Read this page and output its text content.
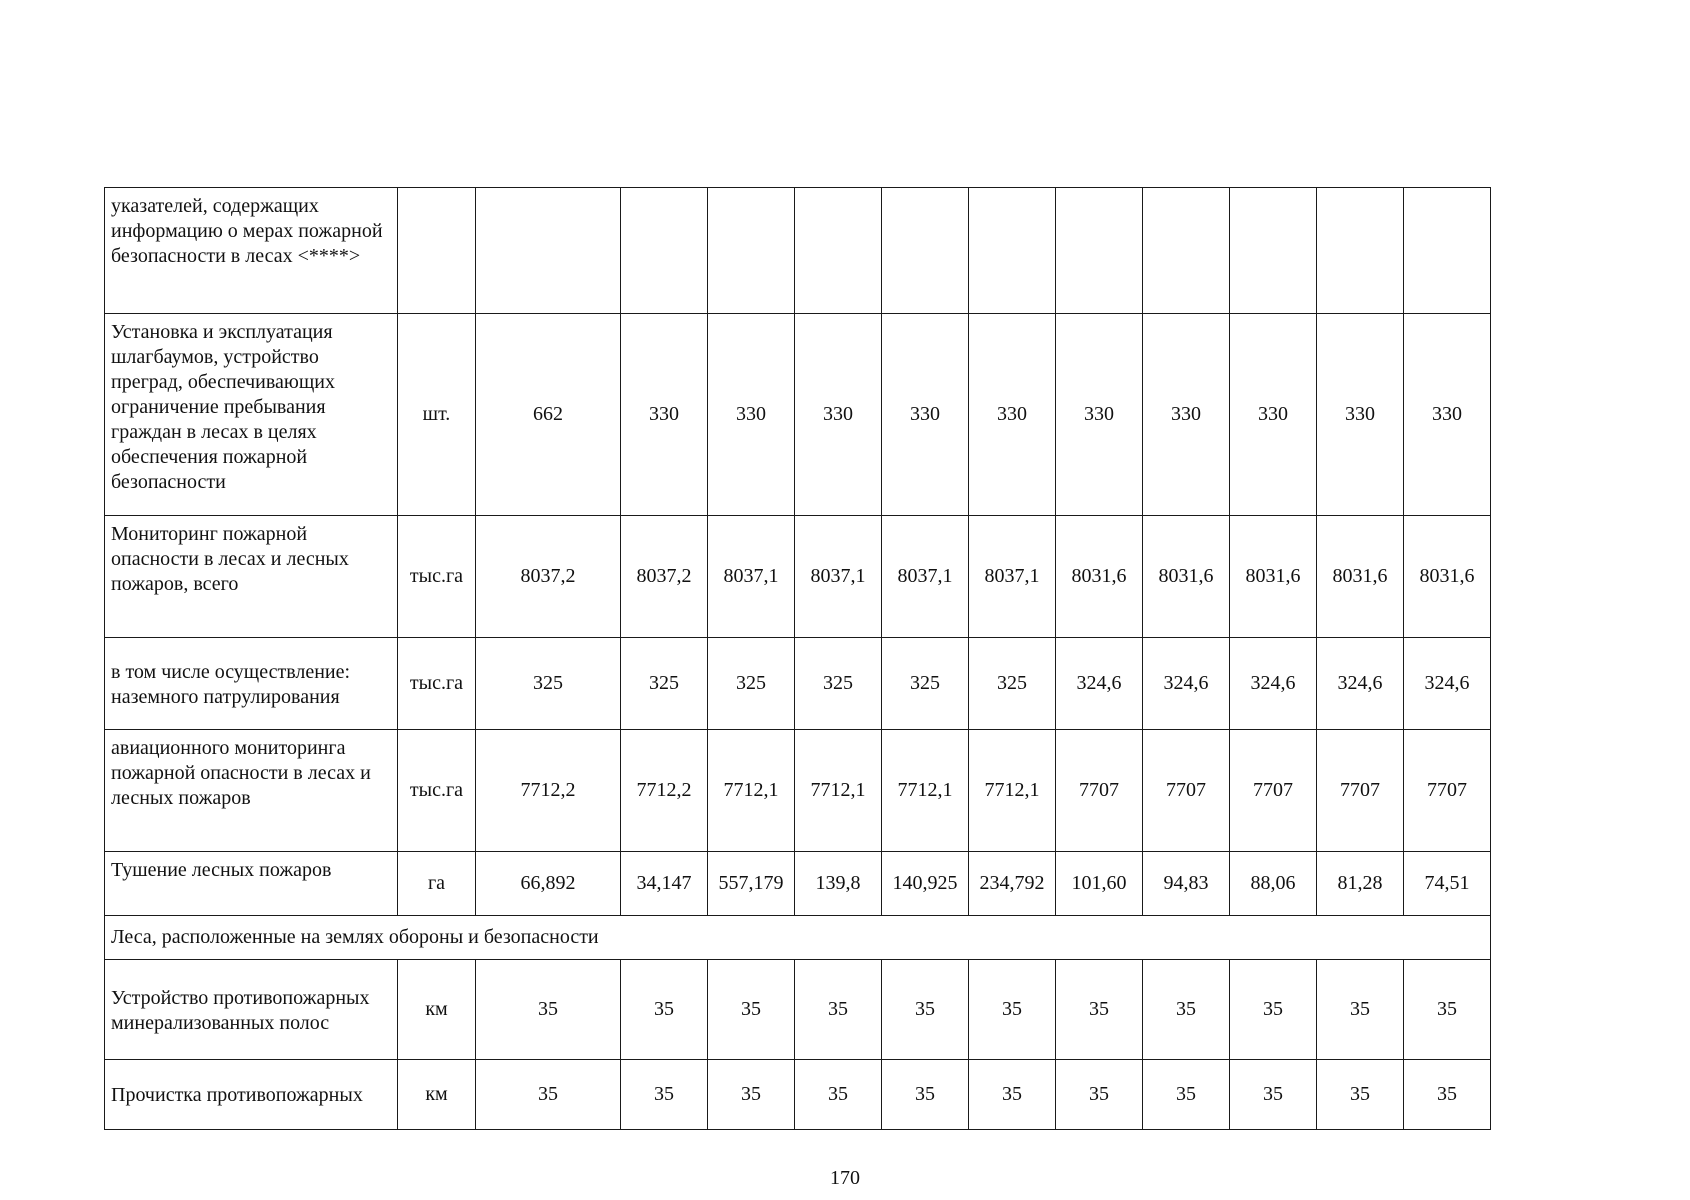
указателей, содержащих информацию о мерах пожарной безопасности в лесах <****>												
Установка и эксплуатация шлагбаумов, устройство преград, обеспечивающих ограничение пребывания граждан в лесах в целях обеспечения пожарной безопасности	шт.	662	330	330	330	330	330	330	330	330	330	330
Мониторинг пожарной опасности в лесах и лесных пожаров, всего	тыс.га	8037,2	8037,2	8037,1	8037,1	8037,1	8037,1	8031,6	8031,6	8031,6	8031,6	8031,6
в том числе осуществление: наземного патрулирования	тыс.га	325	325	325	325	325	325	324,6	324,6	324,6	324,6	324,6
авиационного мониторинга пожарной опасности в лесах и лесных пожаров	тыс.га	7712,2	7712,2	7712,1	7712,1	7712,1	7712,1	7707	7707	7707	7707	7707
Тушение лесных пожаров	га	66,892	34,147	557,179	139,8	140,925	234,792	101,60	94,83	88,06	81,28	74,51
Леса, расположенные на землях обороны и безопасности												
Устройство противопожарных минерализованных полос	км	35	35	35	35	35	35	35	35	35	35	35
Прочистка противопожарных	км	35	35	35	35	35	35	35	35	35	35	35
170
